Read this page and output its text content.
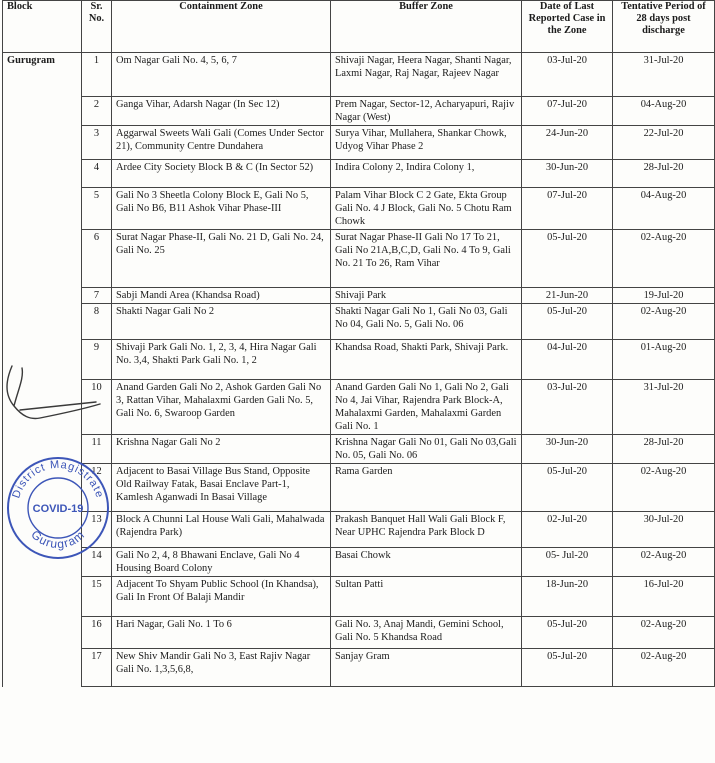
Block	Sr. No.	Containment Zone	Buffer Zone	Date of Last Reported Case in the Zone	Tentative Period of 28 days post discharge
Gurugram	1	Om Nagar Gali No. 4, 5, 6, 7	Shivaji Nagar, Heera Nagar, Shanti Nagar, Laxmi Nagar, Raj Nagar, Rajeev Nagar	03-Jul-20	31-Jul-20
	2	Ganga Vihar, Adarsh Nagar (In Sec 12)	Prem Nagar, Sector-12, Acharyapuri, Rajiv Nagar (West)	07-Jul-20	04-Aug-20
	3	Aggarwal Sweets Wali Gali (Comes Under Sector 21), Community Centre Dundahera	Surya Vihar, Mullahera, Shankar Chowk, Udyog Vihar Phase 2	24-Jun-20	22-Jul-20
	4	Ardee City Society Block B & C (In Sector 52)	Indira Colony 2, Indira Colony 1,	30-Jun-20	28-Jul-20
	5	Gali No 3 Sheetla Colony Block E, Gali No 5, Gali No B6, B11 Ashok Vihar Phase-III	Palam Vihar Block C 2 Gate, Ekta Group Gali No. 4 J Block, Gali No. 5 Chotu Ram Chowk	07-Jul-20	04-Aug-20
	6	Surat Nagar Phase-II, Gali No. 21 D, Gali No. 24, Gali No. 25	Surat Nagar Phase-II Gali No 17 To 21, Gali No 21A,B,C,D, Gali No. 4 To 9, Gali No. 21 To 26, Ram Vihar	05-Jul-20	02-Aug-20
	7	Sabji Mandi Area (Khandsa Road)	Shivaji Park	21-Jun-20	19-Jul-20
	8	Shakti Nagar Gali No 2	Shakti Nagar Gali No 1, Gali No 03, Gali No 04, Gali No. 5, Gali No. 06	05-Jul-20	02-Aug-20
	9	Shivaji Park Gali No. 1, 2, 3, 4, Hira Nagar Gali No. 3,4, Shakti Park Gali No. 1, 2	Khandsa Road, Shakti Park, Shivaji Park.	04-Jul-20	01-Aug-20
	10	Anand Garden Gali No 2, Ashok Garden Gali No 3, Rattan Vihar, Mahalaxmi Garden Gali No. 5, Gali No. 6, Swaroop Garden	Anand Garden Gali No 1, Gali No 2, Gali No 4, Jai Vihar, Rajendra Park Block-A, Mahalaxmi Garden, Mahalaxmi Garden Gali No. 1	03-Jul-20	31-Jul-20
	11	Krishna Nagar Gali No 2	Krishna Nagar Gali No 01, Gali No 03,Gali No. 05, Gali No. 06	30-Jun-20	28-Jul-20
	12	Adjacent to Basai Village Bus Stand, Opposite Old Railway Fatak, Basai Enclave Part-1, Kamlesh Aganwadi In Basai Village	Rama Garden	05-Jul-20	02-Aug-20
	13	Block A Chunni Lal House Wali Gali, Mahalwada (Rajendra Park)	Prakash Banquet Hall Wali Gali Block F, Near UPHC Rajendra Park Block D	02-Jul-20	30-Jul-20
	14	Gali No 2, 4, 8 Bhawani Enclave, Gali No 4 Housing Board Colony	Basai Chowk	05- Jul-20	02-Aug-20
	15	Adjacent To Shyam Public School (In Khandsa), Gali In Front Of Balaji Mandir	Sultan Patti	18-Jun-20	16-Jul-20
	16	Hari Nagar, Gali No. 1 To 6	Gali No. 3, Anaj Mandi, Gemini School, Gali No. 5 Khandsa Road	05-Jul-20	02-Aug-20
	17	New Shiv Mandir Gali No 3, East Rajiv Nagar Gali No. 1,3,5,6,8,	Sanjay Gram	05-Jul-20	02-Aug-20
District Magistrate
COVID-19
Gurugram
